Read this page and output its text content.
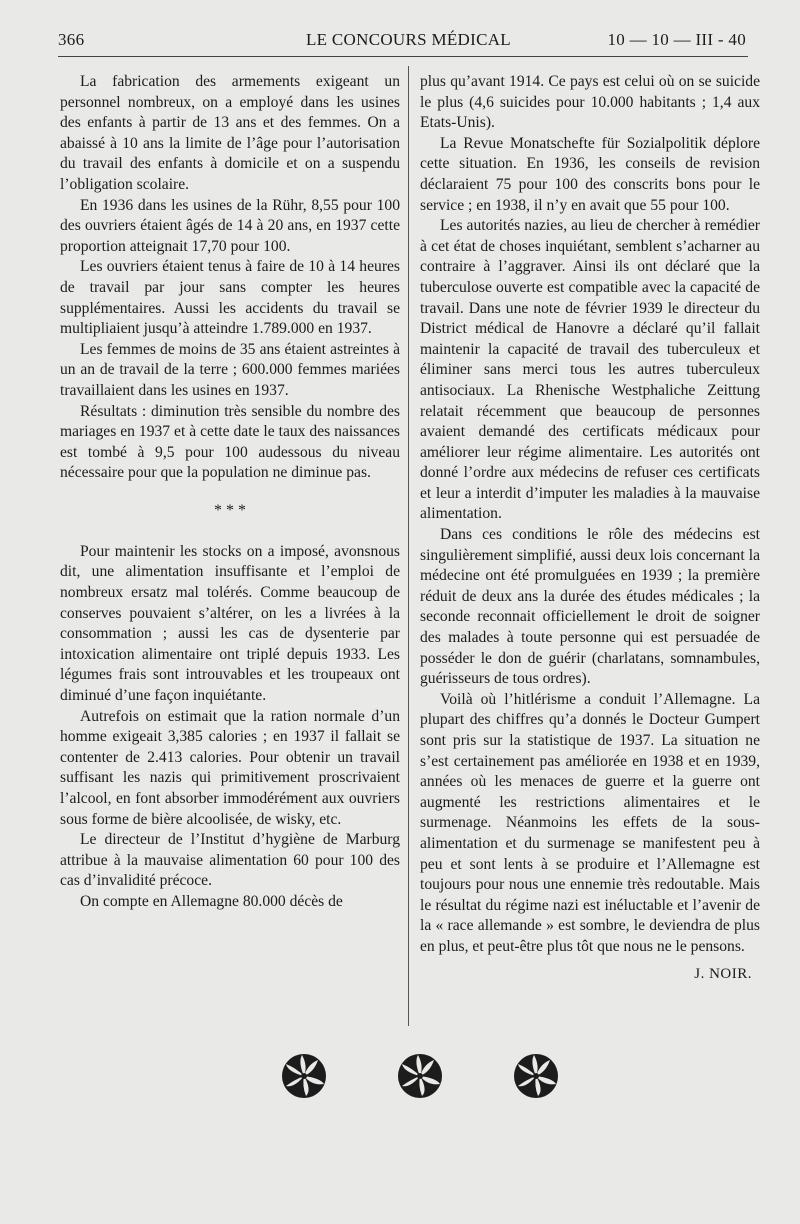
366	LE CONCOURS MÉDICAL	10 — 10 — III - 40

La fabrication des armements exigeant un personnel nombreux, on a employé dans les usines des enfants à partir de 13 ans et des femmes. On a abaissé à 10 ans la limite de l’âge pour l’autorisation du travail des enfants à domicile et on a suspendu l’obligation scolaire.

En 1936 dans les usines de la Rühr, 8,55 pour 100 des ouvriers étaient âgés de 14 à 20 ans, en 1937 cette proportion atteignait 17,70 pour 100.

Les ouvriers étaient tenus à faire de 10 à 14 heures de travail par jour sans compter les heures supplémentaires. Aussi les accidents du travail se multipliaient jusqu’à atteindre 1.789.000 en 1937.

Les femmes de moins de 35 ans étaient astreintes à un an de travail de la terre ; 600.000 femmes mariées travaillaient dans les usines en 1937.

Résultats : diminution très sensible du nombre des mariages en 1937 et à cette date le taux des naissances est tombé à 9,5 pour 100 audessous du niveau nécessaire pour que la population ne diminue pas.

* * *

Pour maintenir les stocks on a imposé, avonsnous dit, une alimentation insuffisante et l’emploi de nombreux ersatz mal tolérés. Comme beaucoup de conserves pouvaient s’altérer, on les a livrées à la consommation ; aussi les cas de dysenterie par intoxication alimentaire ont triplé depuis 1933. Les légumes frais sont introuvables et les troupeaux ont diminué d’une façon inquiétante.

Autrefois on estimait que la ration normale d’un homme exigeait 3,385 calories ; en 1937 il fallait se contenter de 2.413 calories. Pour obtenir un travail suffisant les nazis qui primitivement proscrivaient l’alcool, en font absorber immodérément aux ouvriers sous forme de bière alcoolisée, de wisky, etc.

Le directeur de l’Institut d’hygiène de Marburg attribue à la mauvaise alimentation 60 pour 100 des cas d’invalidité précoce.

On compte en Allemagne 80.000 décès de

plus qu’avant 1914. Ce pays est celui où on se suicide le plus (4,6 suicides pour 10.000 habitants ; 1,4 aux Etats-Unis).

La Revue Monatschefte für Sozialpolitik déplore cette situation. En 1936, les conseils de revision déclaraient 75 pour 100 des conscrits bons pour le service ; en 1938, il n’y en avait que 55 pour 100.

Les autorités nazies, au lieu de chercher à remédier à cet état de choses inquiétant, semblent s’acharner au contraire à l’aggraver. Ainsi ils ont déclaré que la tuberculose ouverte est compatible avec la capacité de travail. Dans une note de février 1939 le directeur du District médical de Hanovre a déclaré qu’il fallait maintenir la capacité de travail des tuberculeux et éliminer sans merci tous les autres tuberculeux antisociaux. La Rhenische Westphaliche Zeittung relatait récemment que beaucoup de personnes avaient demandé des certificats médicaux pour améliorer leur régime alimentaire. Les autorités ont donné l’ordre aux médecins de refuser ces certificats et leur a interdit d’imputer les maladies à la mauvaise alimentation.

Dans ces conditions le rôle des médecins est singulièrement simplifié, aussi deux lois concernant la médecine ont été promulguées en 1939 ; la première réduit de deux ans la durée des études médicales ; la seconde reconnait officiellement le droit de soigner des malades à toute personne qui est persuadée de posséder le don de guérir (charlatans, somnambules, guérisseurs de tous ordres).

Voilà où l’hitlérisme a conduit l’Allemagne. La plupart des chiffres qu’a donnés le Docteur Gumpert sont pris sur la statistique de 1937. La situation ne s’est certainement pas améliorée en 1938 et en 1939, années où les menaces de guerre et la guerre ont augmenté les restrictions alimentaires et le surmenage. Néanmoins les effets de la sous-alimentation et du surmenage se manifestent peu à peu et sont lents à se produire et l’Allemagne est toujours pour nous une ennemie très redoutable. Mais le résultat du régime nazi est inéluctable et l’avenir de la « race allemande » est sombre, le deviendra de plus en plus, et peut-être plus tôt que nous ne le pensons.

J. NOIR.
